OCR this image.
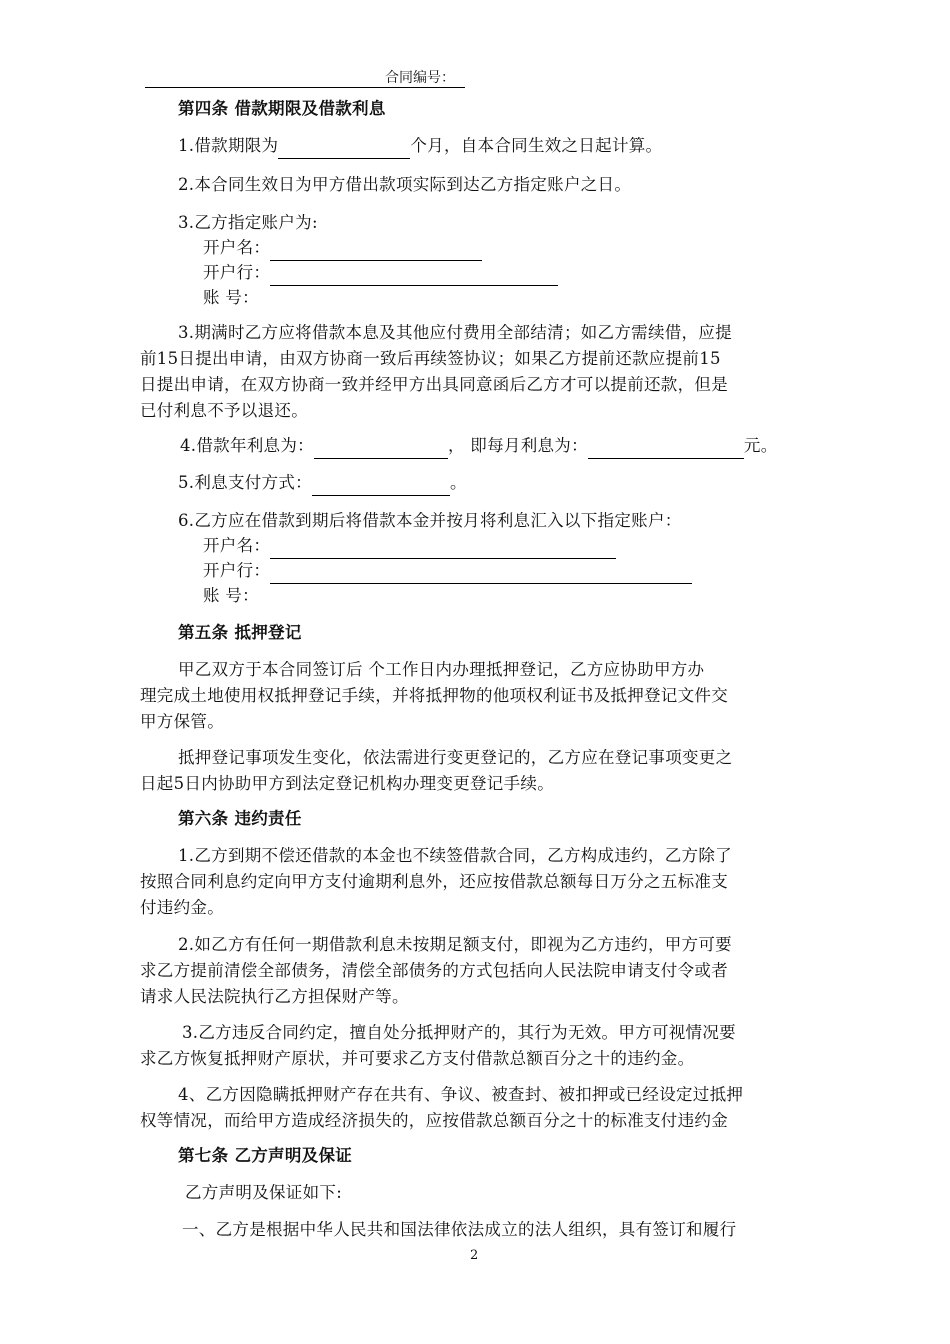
合同编号：
第四条 借款期限及借款利息
1.借款期限为	个月，自本合同生效之日起计算。
2.本合同生效日为甲方借出款项实际到达乙方指定账户之日。
3.乙方指定账户为:
开户名：
开户行：
账 号：
3.期满时乙方应将借款本息及其他应付费用全部结清；如乙方需续借，应提
前15日提出申请，由双方协商一致后再续签协议；如果乙方提前还款应提前15
日提出申请，在双方协商一致并经甲方出具同意函后乙方才可以提前还款，但是
已付利息不予以退还。
4.借款年利息为：	， 即每月利息为：	元。
5.利息支付方式：	。
6.乙方应在借款到期后将借款本金并按月将利息汇入以下指定账户：
开户名：
开户行：
账 号：
第五条 抵押登记
甲乙双方于本合同签订后 个工作日内办理抵押登记，乙方应协助甲方办
理完成土地使用权抵押登记手续，并将抵押物的他项权利证书及抵押登记文件交
甲方保管。
抵押登记事项发生变化，依法需进行变更登记的，乙方应在登记事项变更之
日起5日内协助甲方到法定登记机构办理变更登记手续。
第六条 违约责任
1.乙方到期不偿还借款的本金也不续签借款合同，乙方构成违约，乙方除了
按照合同利息约定向甲方支付逾期利息外，还应按借款总额每日万分之五标准支
付违约金。
2.如乙方有任何一期借款利息未按期足额支付，即视为乙方违约，甲方可要
求乙方提前清偿全部债务，清偿全部债务的方式包括向人民法院申请支付令或者
请求人民法院执行乙方担保财产等。
3.乙方违反合同约定，擅自处分抵押财产的，其行为无效。甲方可视情况要
求乙方恢复抵押财产原状，并可要求乙方支付借款总额百分之十的违约金。
4、乙方因隐瞒抵押财产存在共有、争议、被查封、被扣押或已经设定过抵押
权等情况，而给甲方造成经济损失的，应按借款总额百分之十的标准支付违约金
第七条 乙方声明及保证
乙方声明及保证如下:
一、乙方是根据中华人民共和国法律依法成立的法人组织，具有签订和履行
2
